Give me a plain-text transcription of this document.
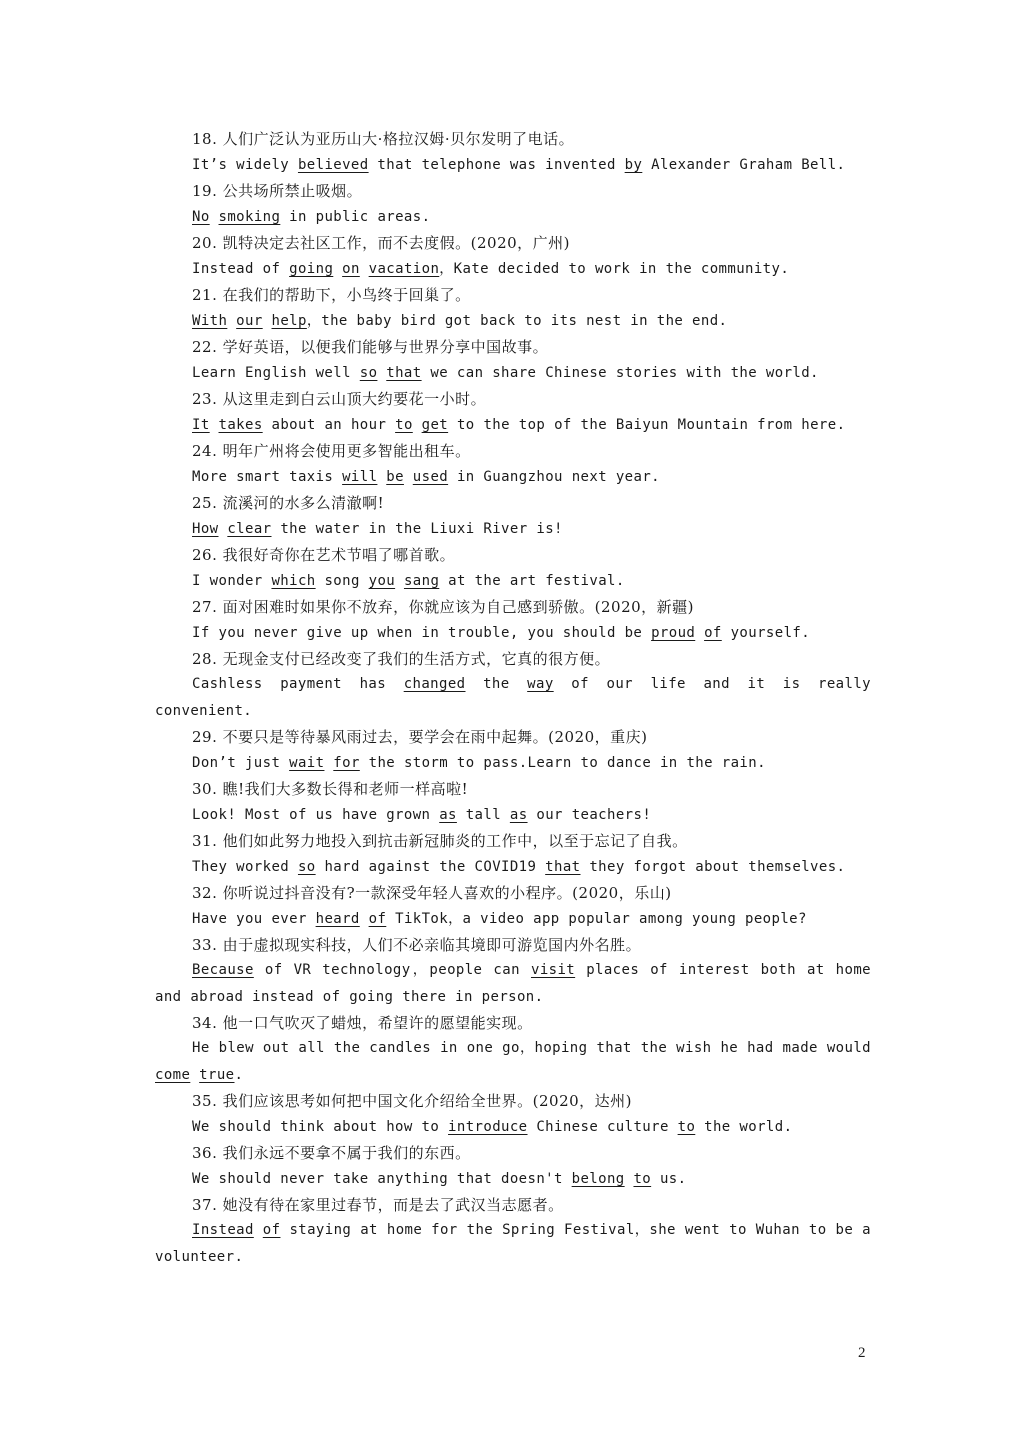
18. 人们广泛认为亚历山大·格拉汉姆·贝尔发明了电话。
It’s widely believed that telephone was invented by Alexander Graham Bell.
19. 公共场所禁止吸烟。
No smoking in public areas.
20. 凯特决定去社区工作，而不去度假。(2020，广州)
Instead of going on vacation，Kate decided to work in the community.
21. 在我们的帮助下，小鸟终于回巢了。
With our help，the baby bird got back to its nest in the end.
22. 学好英语，以便我们能够与世界分享中国故事。
Learn English well so that we can share Chinese stories with the world.
23. 从这里走到白云山顶大约要花一小时。
It takes about an hour to get to the top of the Baiyun Mountain from here.
24. 明年广州将会使用更多智能出租车。
More smart taxis will be used in Guangzhou next year.
25. 流溪河的水多么清澈啊!
How clear the water in the Liuxi River is!
26. 我很好奇你在艺术节唱了哪首歌。
I wonder which song you sang at the art festival.
27. 面对困难时如果你不放弃，你就应该为自己感到骄傲。(2020，新疆)
If you never give up when in trouble, you should be proud of yourself.
28. 无现金支付已经改变了我们的生活方式，它真的很方便。
Cashless payment has changed the way of our life and it is really convenient.
29. 不要只是等待暴风雨过去，要学会在雨中起舞。(2020，重庆)
Don’t just wait for the storm to pass.Learn to dance in the rain.
30. 瞧!我们大多数长得和老师一样高啦!
Look! Most of us have grown as tall as our teachers!
31. 他们如此努力地投入到抗击新冠肺炎的工作中，以至于忘记了自我。
They worked so hard against the COVID19 that they forgot about themselves.
32. 你听说过抖音没有?一款深受年轻人喜欢的小程序。(2020，乐山)
Have you ever heard of TikTok，a video app popular among young people?
33. 由于虚拟现实科技，人们不必亲临其境即可游览国内外名胜。
Because of VR technology，people can visit places of interest both at home and abroad instead of going there in person.
34. 他一口气吹灭了蜡烛，希望许的愿望能实现。
He blew out all the candles in one go，hoping that the wish he had made would come true.
35. 我们应该思考如何把中国文化介绍给全世界。(2020，达州)
We should think about how to introduce Chinese culture to the world.
36. 我们永远不要拿不属于我们的东西。
We should never take anything that doesn't belong to us.
37. 她没有待在家里过春节，而是去了武汉当志愿者。
Instead of staying at home for the Spring Festival，she went to Wuhan to be a volunteer.
2
